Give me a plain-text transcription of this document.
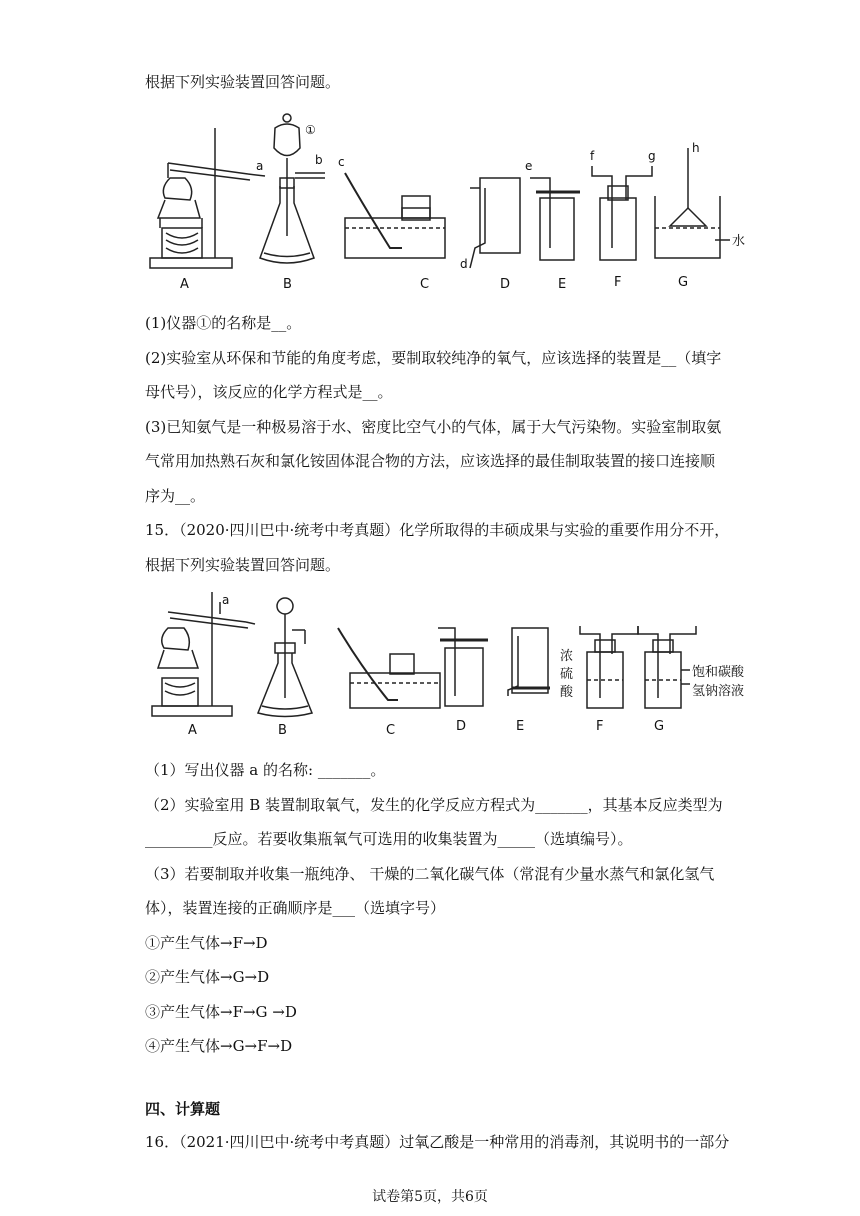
根据下列实验装置回答问题。
a
①
b c
d
e
f	g
h
水
A	B	C	D	E	F	G
(1)仪器①的名称是__。
(2)实验室从环保和节能的角度考虑，要制取较纯净的氧气，应该选择的装置是__（填字
母代号），该反应的化学方程式是__。
(3)已知氨气是一种极易溶于水、密度比空气小的气体，属于大气污染物。实验室制取氨
气常用加热熟石灰和氯化铵固体混合物的方法，应该选择的最佳制取装置的接口连接顺
序为__。
15．（2020·四川巴中·统考中考真题）化学所取得的丰硕成果与实验的重要作用分不开，
根据下列实验装置回答问题。
a
浓
硫
酸
饱和碳酸
氢钠溶液
A	B	C	D	E	F	G
（1）写出仪器 a 的名称: _______。
（2）实验室用 B 装置制取氧气，发生的化学反应方程式为_______，其基本反应类型为
_________反应。若要收集瓶氧气可选用的收集装置为_____（选填编号）。
（3）若要制取并收集一瓶纯净、 干燥的二氧化碳气体（常混有少量水蒸气和氯化氢气
体），装置连接的正确顺序是___（选填字号）
①产生气体→F→D
②产生气体→G→D
③产生气体→F→G →D
④产生气体→G→F→D
四、计算题
16．（2021·四川巴中·统考中考真题）过氧乙酸是一种常用的消毒剂，其说明书的一部分
试卷第5页，共6页
